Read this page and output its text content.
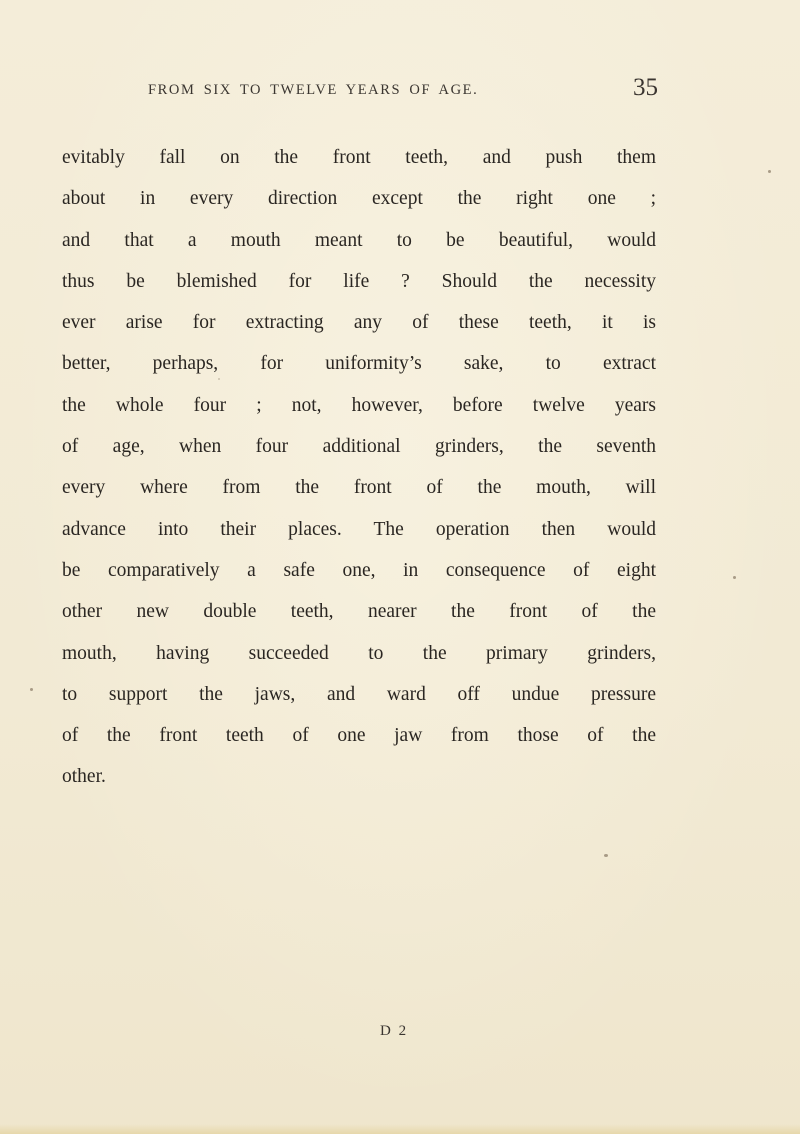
FROM SIX TO TWELVE YEARS OF AGE.	35
evitably fall on the front teeth, and push them
about in every direction except the right one ;
and that a mouth meant to be beautiful, would
thus be blemished for life ? Should the necessity
ever arise for extracting any of these teeth, it is
better, perhaps, for uniformity’s sake, to extract
the whole four ; not, however, before twelve years
of age, when four additional grinders, the seventh
every where from the front of the mouth, will
advance into their places. The operation then would
be comparatively a safe one, in consequence of eight
other new double teeth, nearer the front of the
mouth, having succeeded to the primary grinders,
to support the jaws, and ward off undue pressure
of the front teeth of one jaw from those of the
other.
D 2
